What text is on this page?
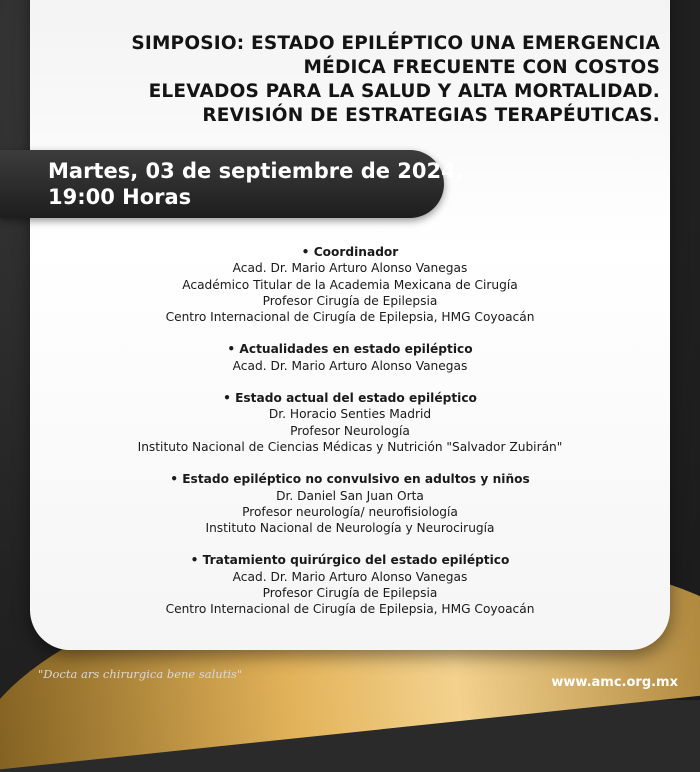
SIMPOSIO: ESTADO EPILÉPTICO UNA EMERGENCIA
MÉDICA FRECUENTE CON COSTOS
ELEVADOS PARA LA SALUD Y ALTA MORTALIDAD.
REVISIÓN DE ESTRATEGIAS TERAPÉUTICAS.
Martes, 03 de septiembre de 2024,
19:00 Horas
• Coordinador
Acad. Dr. Mario Arturo Alonso Vanegas
Académico Titular de la Academia Mexicana de Cirugía
Profesor Cirugía de Epilepsia
Centro Internacional de Cirugía de Epilepsia, HMG Coyoacán
• Actualidades en estado epiléptico
Acad. Dr. Mario Arturo Alonso Vanegas
• Estado actual del estado epiléptico
Dr. Horacio Senties Madrid
Profesor Neurología
Instituto Nacional de Ciencias Médicas y Nutrición "Salvador Zubirán"
• Estado epiléptico no convulsivo en adultos y niños
Dr. Daniel San Juan Orta
Profesor neurología/ neurofisiología
Instituto Nacional de Neurología y Neurocirugía
• Tratamiento quirúrgico del estado epiléptico
Acad. Dr. Mario Arturo Alonso Vanegas
Profesor Cirugía de Epilepsia
Centro Internacional de Cirugía de Epilepsia, HMG Coyoacán
"Docta ars chirurgica bene salutis"
www.amc.org.mx
